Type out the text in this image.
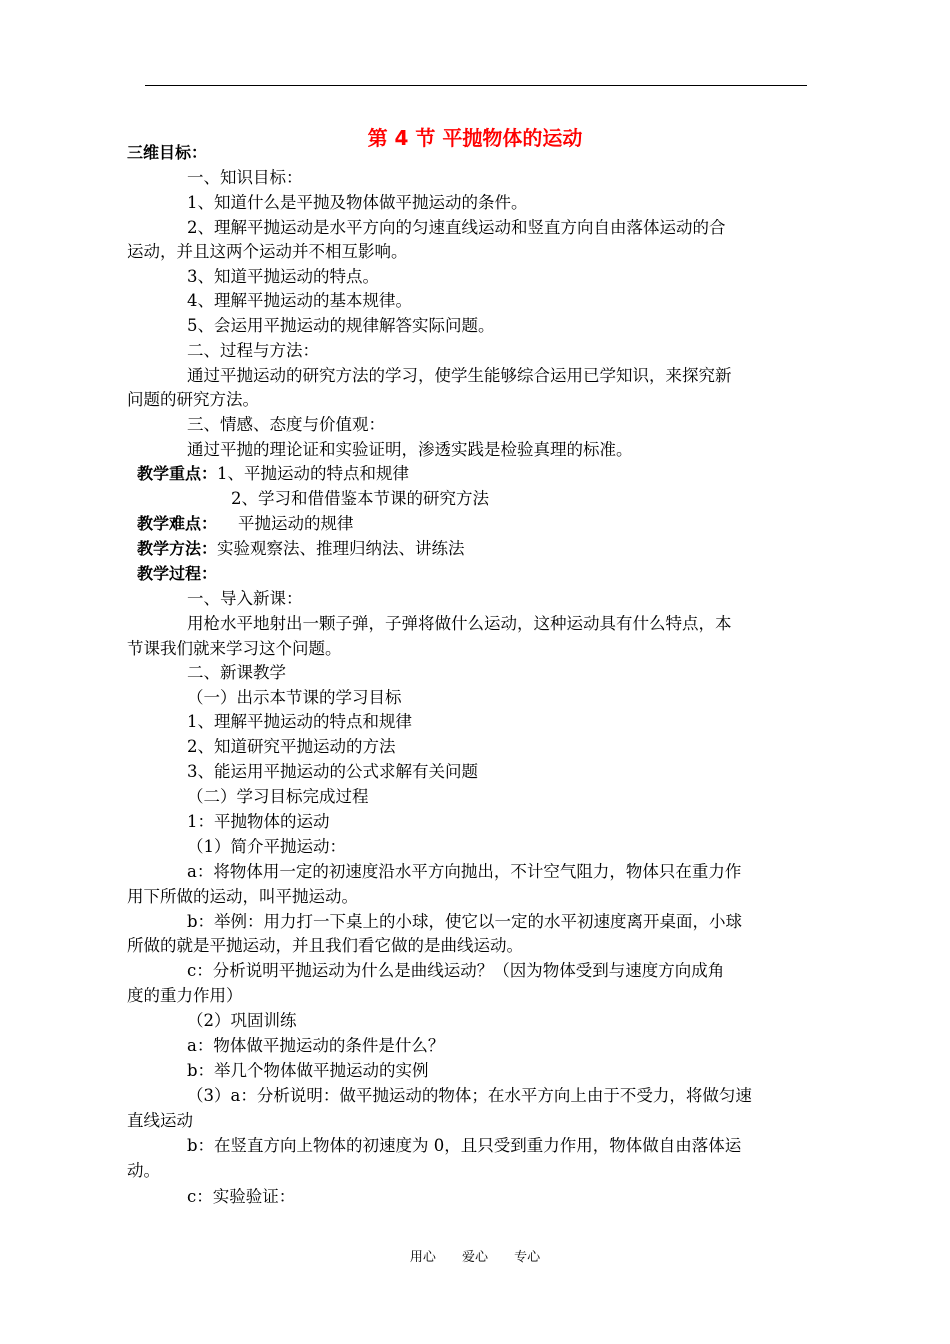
第 4 节 平抛物体的运动
三维目标：
一、知识目标：
1、知道什么是平抛及物体做平抛运动的条件。
2、理解平抛运动是水平方向的匀速直线运动和竖直方向自由落体运动的合
运动，并且这两个运动并不相互影响。
3、知道平抛运动的特点。
4、理解平抛运动的基本规律。
5、会运用平抛运动的规律解答实际问题。
二、过程与方法：
通过平抛运动的研究方法的学习，使学生能够综合运用已学知识，来探究新
问题的研究方法。
三、情感、态度与价值观：
通过平抛的理论证和实验证明，渗透实践是检验真理的标准。
教学重点：1、平抛运动的特点和规律
2、学习和借借鉴本节课的研究方法
教学难点：    平抛运动的规律
教学方法：实验观察法、推理归纳法、讲练法
教学过程：
一、导入新课：
用枪水平地射出一颗子弹，子弹将做什么运动，这种运动具有什么特点，本
节课我们就来学习这个问题。
二、新课教学
（一）出示本节课的学习目标
1、理解平抛运动的特点和规律
2、知道研究平抛运动的方法
3、能运用平抛运动的公式求解有关问题
（二）学习目标完成过程
1：平抛物体的运动
（1）简介平抛运动：
a：将物体用一定的初速度沿水平方向抛出，不计空气阻力，物体只在重力作
用下所做的运动，叫平抛运动。
b：举例：用力打一下桌上的小球，使它以一定的水平初速度离开桌面，小球
所做的就是平抛运动，并且我们看它做的是曲线运动。
c：分析说明平抛运动为什么是曲线运动？（因为物体受到与速度方向成角
度的重力作用）
（2）巩固训练
a：物体做平抛运动的条件是什么？
b：举几个物体做平抛运动的实例
（3）a：分析说明：做平抛运动的物体；在水平方向上由于不受力，将做匀速
直线运动
b：在竖直方向上物体的初速度为 0，且只受到重力作用，物体做自由落体运
动。
c：实验验证：
用心 爱心 专心
